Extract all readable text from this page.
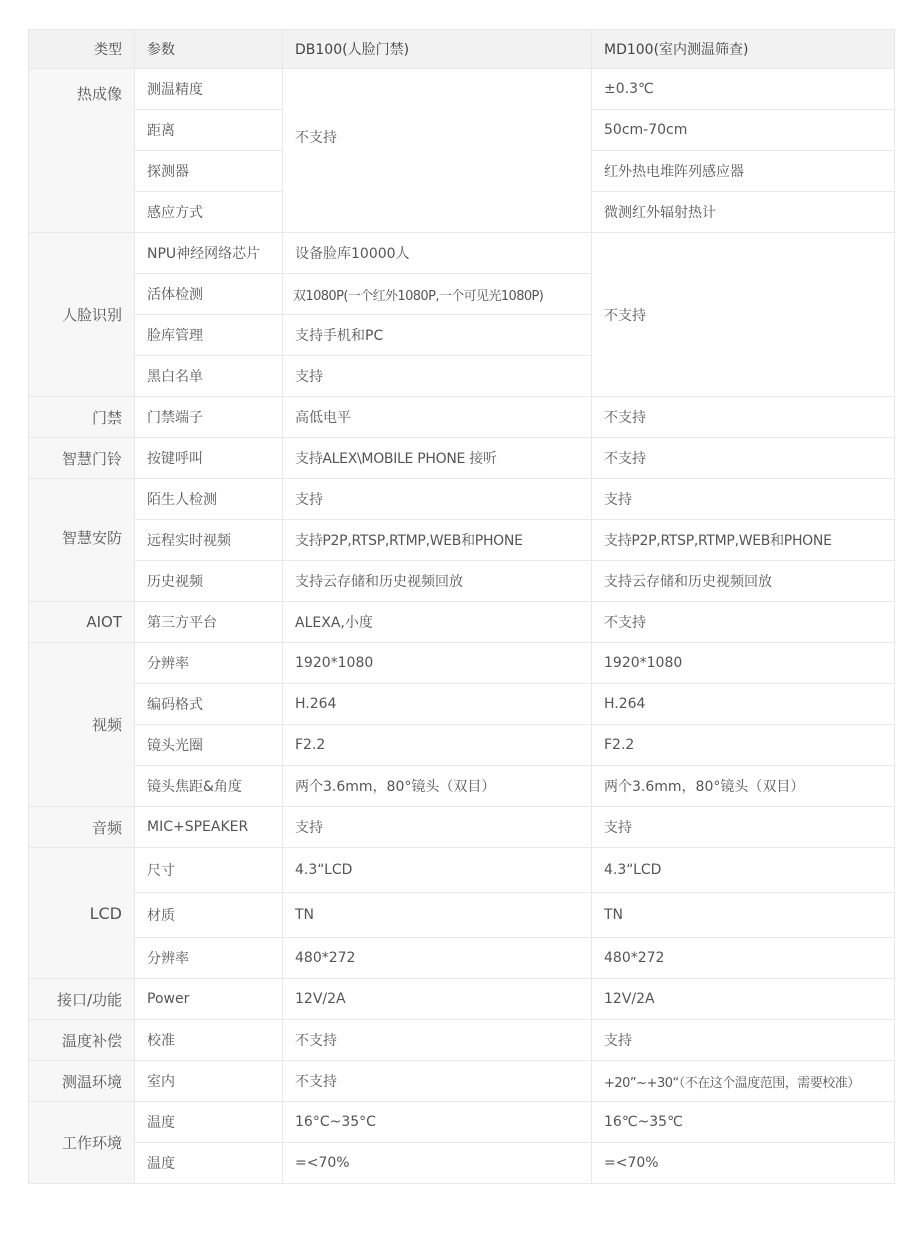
类型	参数	DB100(人脸门禁)	MD100(室内测温筛查)
热成像	测温精度	不支持	±0.3℃
	距离		50cm-70cm
	探测器		红外热电堆阵列感应器
	感应方式		微测红外辐射热计
人脸识别	NPU神经网络芯片	设备脸库10000人	不支持
	活体检测	双1080P(一个红外1080P,一个可见光1080P)	
	脸库管理	支持手机和PC	
	黑白名单	支持	
门禁	门禁端子	高低电平	不支持
智慧门铃	按键呼叫	支持ALEX\MOBILE PHONE 接听	不支持
智慧安防	陌生人检测	支持	支持
	远程实时视频	支持P2P,RTSP,RTMP,WEB和PHONE	支持P2P,RTSP,RTMP,WEB和PHONE
	历史视频	支持云存储和历史视频回放	支持云存储和历史视频回放
AIOT	第三方平台	ALEXA,小度	不支持
视频	分辨率	1920*1080	1920*1080
	编码格式	H.264	H.264
	镜头光圈	F2.2	F2.2
	镜头焦距&角度	两个3.6mm，80°镜头（双目）	两个3.6mm，80°镜头（双目）
音频	MIC+SPEAKER	支持	支持
LCD	尺寸	4.3“LCD	4.3“LCD
	材质	TN	TN
	分辨率	480*272	480*272
接口/功能	Power	12V/2A	12V/2A
温度补偿	校准	不支持	支持
测温环境	室内	不支持	+20”~+30“（不在这个温度范围，需要校准）
工作环境	温度	16°C~35°C	16℃~35℃
	温度	=<70%	=<70%
